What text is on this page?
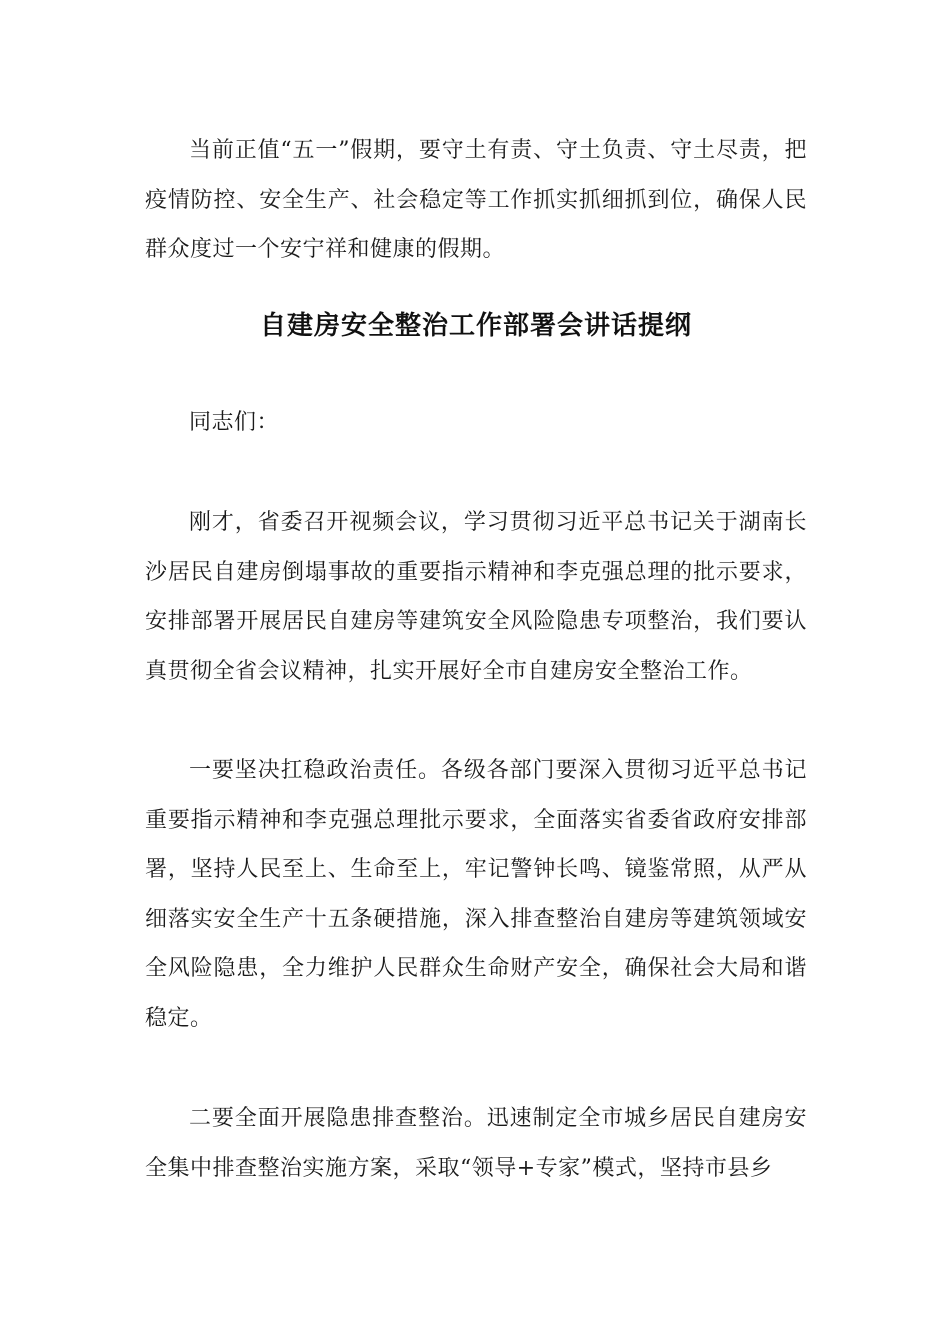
当前正值“五一”假期，要守土有责、守土负责、守土尽责，把疫情防控、安全生产、社会稳定等工作抓实抓细抓到位，确保人民群众度过一个安宁祥和健康的假期。

自建房安全整治工作部署会讲话提纲

同志们：

刚才，省委召开视频会议，学习贯彻习近平总书记关于湖南长沙居民自建房倒塌事故的重要指示精神和李克强总理的批示要求，安排部署开展居民自建房等建筑安全风险隐患专项整治，我们要认真贯彻全省会议精神，扎实开展好全市自建房安全整治工作。

一要坚决扛稳政治责任。各级各部门要深入贯彻习近平总书记重要指示精神和李克强总理批示要求，全面落实省委省政府安排部署，坚持人民至上、生命至上，牢记警钟长鸣、镜鉴常照，从严从细落实安全生产十五条硬措施，深入排查整治自建房等建筑领域安全风险隐患，全力维护人民群众生命财产安全，确保社会大局和谐稳定。

二要全面开展隐患排查整治。迅速制定全市城乡居民自建房安全集中排查整治实施方案，采取“领导+专家”模式，坚持市县乡
